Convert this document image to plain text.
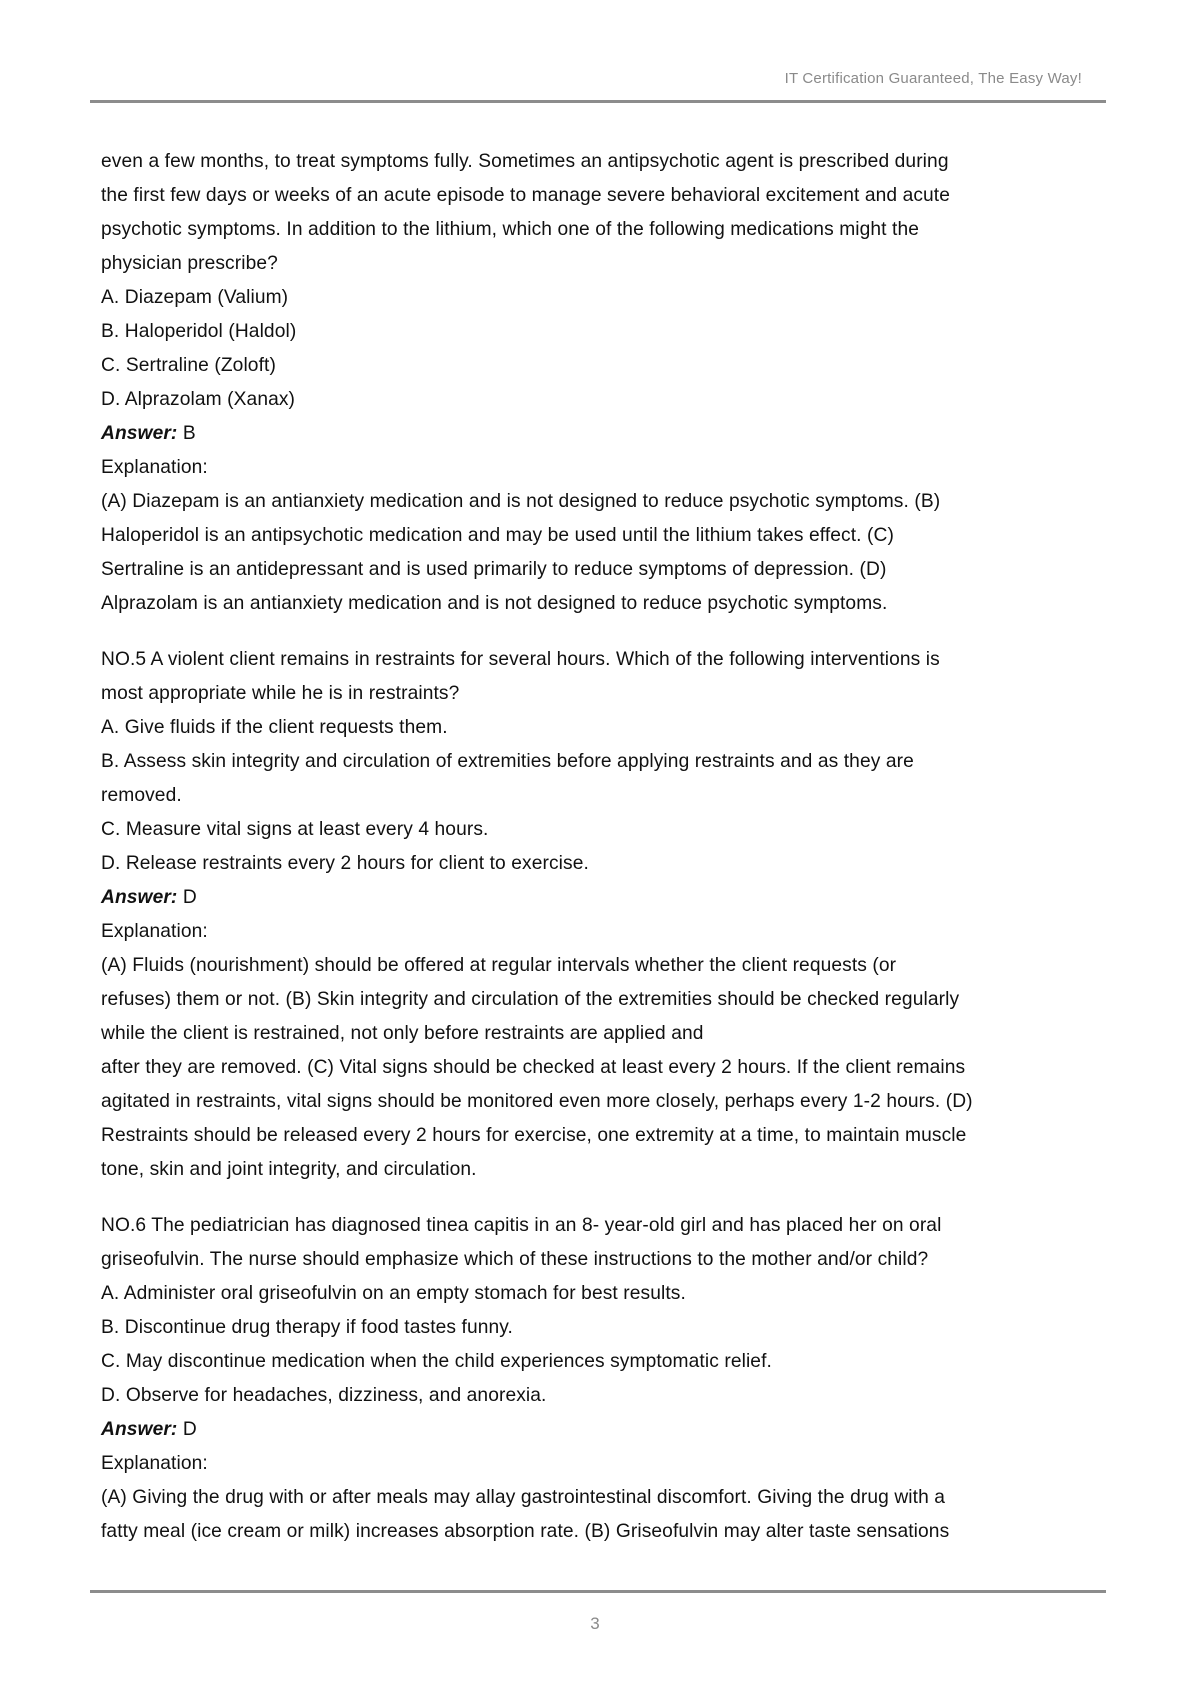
IT Certification Guaranteed, The Easy Way!
even a few months, to treat symptoms fully. Sometimes an antipsychotic agent is prescribed during
the first few days or weeks of an acute episode to manage severe behavioral excitement and acute
psychotic symptoms. In addition to the lithium, which one of the following medications might the
physician prescribe?
A. Diazepam (Valium)
B. Haloperidol (Haldol)
C. Sertraline (Zoloft)
D. Alprazolam (Xanax)
Answer: B
Explanation:
(A) Diazepam is an antianxiety medication and is not designed to reduce psychotic symptoms. (B)
Haloperidol is an antipsychotic medication and may be used until the lithium takes effect. (C)
Sertraline is an antidepressant and is used primarily to reduce symptoms of depression. (D)
Alprazolam is an antianxiety medication and is not designed to reduce psychotic symptoms.
NO.5 A violent client remains in restraints for several hours. Which of the following interventions is
most appropriate while he is in restraints?
A. Give fluids if the client requests them.
B. Assess skin integrity and circulation of extremities before applying restraints and as they are
removed.
C. Measure vital signs at least every 4 hours.
D. Release restraints every 2 hours for client to exercise.
Answer: D
Explanation:
(A) Fluids (nourishment) should be offered at regular intervals whether the client requests (or
refuses) them or not. (B) Skin integrity and circulation of the extremities should be checked regularly
while the client is restrained, not only before restraints are applied and
after they are removed. (C) Vital signs should be checked at least every 2 hours. If the client remains
agitated in restraints, vital signs should be monitored even more closely, perhaps every 1-2 hours. (D)
Restraints should be released every 2 hours for exercise, one extremity at a time, to maintain muscle
tone, skin and joint integrity, and circulation.
NO.6 The pediatrician has diagnosed tinea capitis in an 8- year-old girl and has placed her on oral
griseofulvin. The nurse should emphasize which of these instructions to the mother and/or child?
A. Administer oral griseofulvin on an empty stomach for best results.
B. Discontinue drug therapy if food tastes funny.
C. May discontinue medication when the child experiences symptomatic relief.
D. Observe for headaches, dizziness, and anorexia.
Answer: D
Explanation:
(A) Giving the drug with or after meals may allay gastrointestinal discomfort. Giving the drug with a
fatty meal (ice cream or milk) increases absorption rate. (B) Griseofulvin may alter taste sensations
3
